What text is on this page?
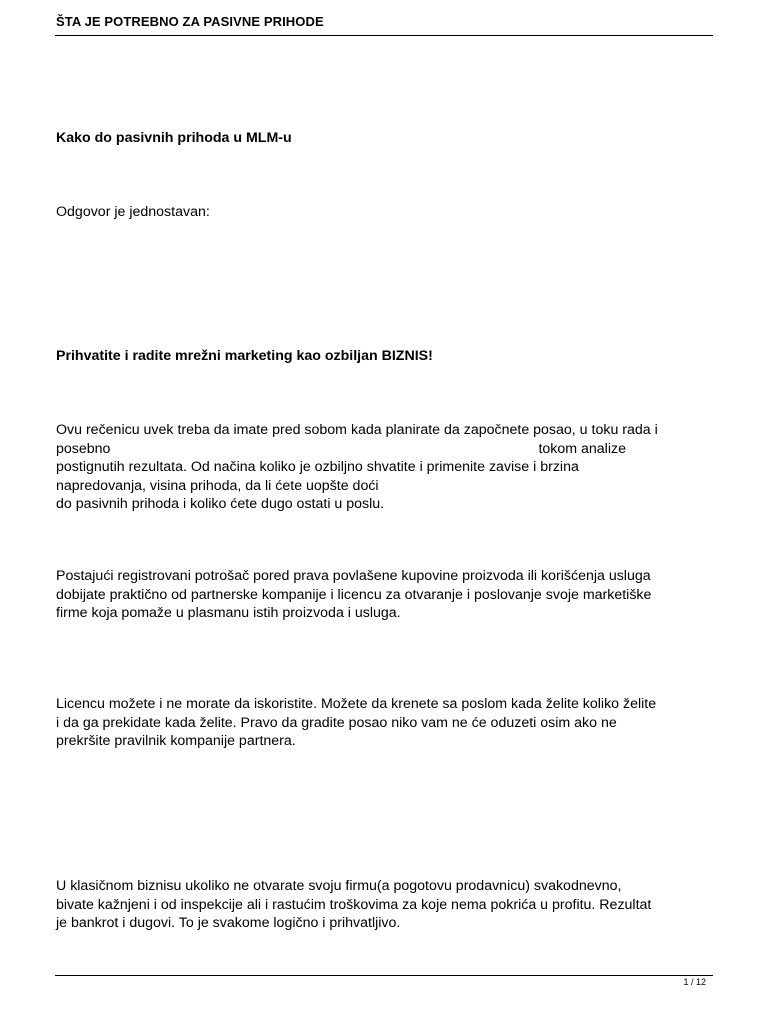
ŠTA JE POTREBNO ZA PASIVNE PRIHODE
Kako do pasivnih prihoda u MLM-u
Odgovor je jednostavan:
Prihvatite i radite mrežni marketing kao ozbiljan BIZNIS!
Ovu rečenicu uvek treba da imate pred sobom kada planirate da započnete posao, u toku rada i
posebno	tokom analize
postignutih rezultata. Od načina koliko je ozbiljno shvatite i primenite zavise i brzina
napredovanja, visina prihoda, da li ćete uopšte doći
do pasivnih prihoda i koliko ćete dugo ostati u poslu.
Postajući registrovani potrošač pored prava povlašene kupovine proizvoda ili korišćenja usluga
dobijate praktično od partnerske kompanije i licencu za otvaranje i poslovanje svoje marketiške
firme koja pomaže u plasmanu istih proizvoda i usluga.
Licencu možete i ne morate da iskoristite. Možete da krenete sa poslom kada želite koliko želite
i da ga prekidate kada želite. Pravo da gradite posao niko vam ne će oduzeti osim ako ne
prekršite pravilnik kompanije partnera.
U klasičnom biznisu ukoliko ne otvarate svoju firmu(a pogotovu prodavnicu) svakodnevno,
bivate kažnjeni i od inspekcije ali i rastućim troškovima za koje nema pokrića u profitu. Rezultat
je bankrot i dugovi. To je svakome logično i prihvatljivo.
1 / 12
